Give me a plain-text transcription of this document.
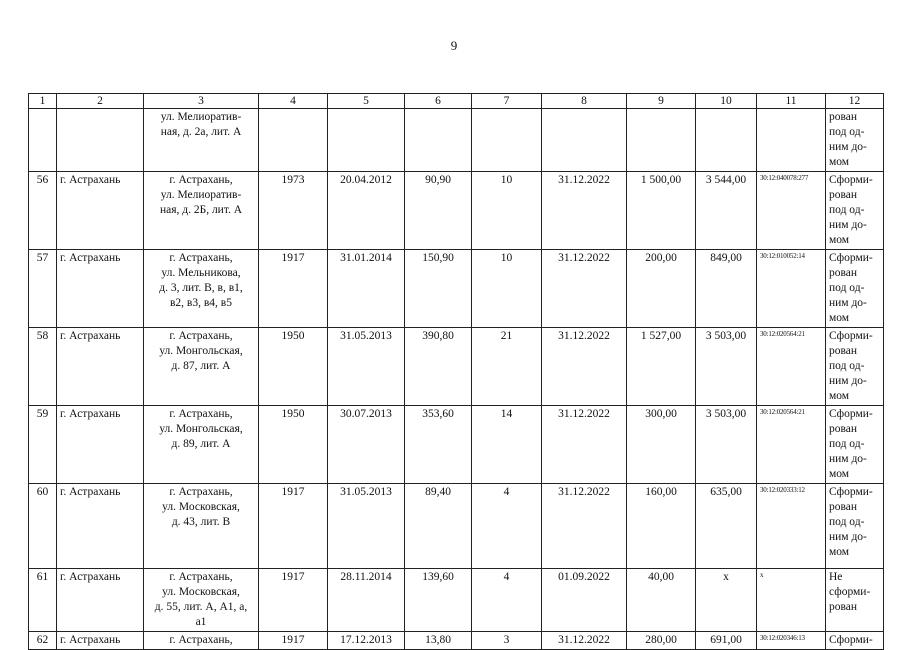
9
1	2	3	4	5	6	7	8	9	10	11	12
		ул. Мелиоратив-
ная, д. 2а, лит. А									рован
под од-
ним до-
мом
56	г. Астрахань	г. Астрахань,
ул. Мелиоратив-
ная, д. 2Б, лит. А	1973	20.04.2012	90,90	10	31.12.2022	1 500,00	3 544,00	30:12:040078:277	Сформи-
рован
под од-
ним до-
мом
57	г. Астрахань	г. Астрахань,
ул. Мельникова,
д. 3, лит. В, в, в1,
в2, в3, в4, в5	1917	31.01.2014	150,90	10	31.12.2022	200,00	849,00	30:12:010052:14	Сформи-
рован
под од-
ним до-
мом
58	г. Астрахань	г. Астрахань,
ул. Монгольская,
д. 87, лит. А	1950	31.05.2013	390,80	21	31.12.2022	1 527,00	3 503,00	30:12:020564:21	Сформи-
рован
под од-
ним до-
мом
59	г. Астрахань	г. Астрахань,
ул. Монгольская,
д. 89, лит. А	1950	30.07.2013	353,60	14	31.12.2022	300,00	3 503,00	30:12:020564:21	Сформи-
рован
под од-
ним до-
мом
60	г. Астрахань	г. Астрахань,
ул. Московская,
д. 43, лит. В	1917	31.05.2013	89,40	4	31.12.2022	160,00	635,00	30:12:020333:12	Сформи-
рован
под од-
ним до-
мом
61	г. Астрахань	г. Астрахань,
ул. Московская,
д. 55, лит. А, А1, а,
а1	1917	28.11.2014	139,60	4	01.09.2022	40,00	х	х	Не
сформи-
рован
62	г. Астрахань	г. Астрахань,	1917	17.12.2013	13,80	3	31.12.2022	280,00	691,00	30:12:020346:13	Сформи-
